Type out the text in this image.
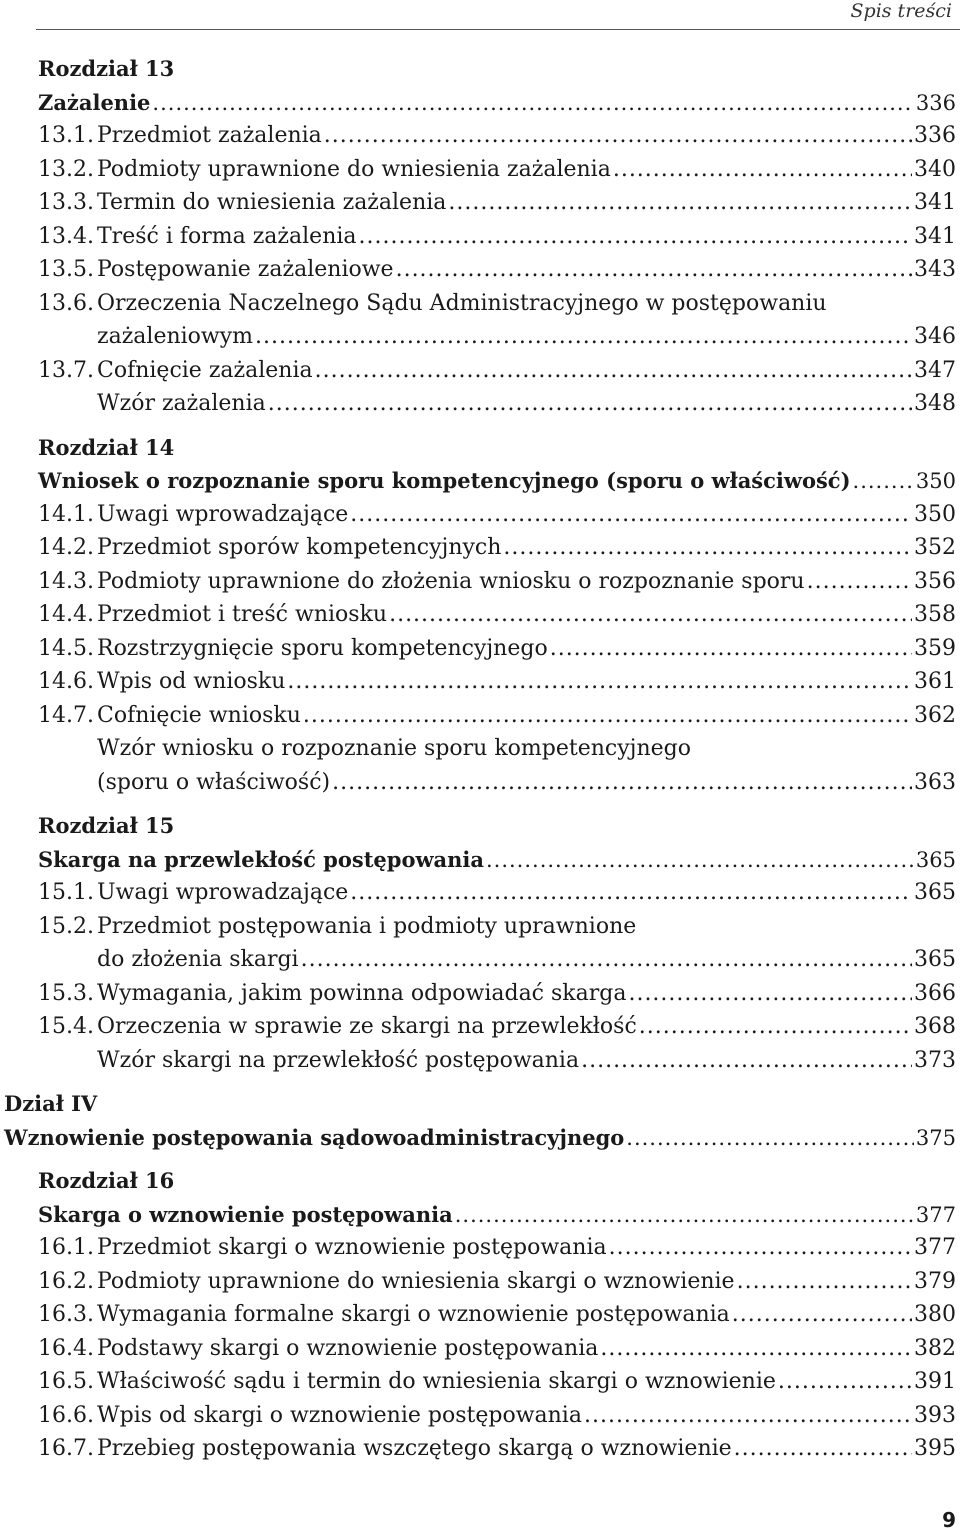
Spis treści
Rozdział 13
Zażalenie .....	336
13.1. Przedmiot zażalenia .....	336
13.2. Podmioty uprawnione do wniesienia zażalenia .....	340
13.3. Termin do wniesienia zażalenia .....	341
13.4. Treść i forma zażalenia .....	341
13.5. Postępowanie zażaleniowe .....	343
13.6. Orzeczenia Naczelnego Sądu Administracyjnego w postępowaniu
zażaleniowym .....	346
13.7. Cofnięcie zażalenia .....	347
Wzór zażalenia .....	348
Rozdział 14
Wniosek o rozpoznanie sporu kompetencyjnego (sporu o właściwość) .....	350
14.1. Uwagi wprowadzające .....	350
14.2. Przedmiot sporów kompetencyjnych .....	352
14.3. Podmioty uprawnione do złożenia wniosku o rozpoznanie sporu .....	356
14.4. Przedmiot i treść wniosku .....	358
14.5. Rozstrzygnięcie sporu kompetencyjnego .....	359
14.6. Wpis od wniosku .....	361
14.7. Cofnięcie wniosku .....	362
Wzór wniosku o rozpoznanie sporu kompetencyjnego
(sporu o właściwość) .....	363
Rozdział 15
Skarga na przewlekłość postępowania .....	365
15.1. Uwagi wprowadzające .....	365
15.2. Przedmiot postępowania i podmioty uprawnione
do złożenia skargi .....	365
15.3. Wymagania, jakim powinna odpowiadać skarga .....	366
15.4. Orzeczenia w sprawie ze skargi na przewlekłość .....	368
Wzór skargi na przewlekłość postępowania .....	373
Dział IV
Wznowienie postępowania sądowoadministracyjnego .....	375
Rozdział 16
Skarga o wznowienie postępowania .....	377
16.1. Przedmiot skargi o wznowienie postępowania .....	377
16.2. Podmioty uprawnione do wniesienia skargi o wznowienie .....	379
16.3. Wymagania formalne skargi o wznowienie postępowania .....	380
16.4. Podstawy skargi o wznowienie postępowania .....	382
16.5. Właściwość sądu i termin do wniesienia skargi o wznowienie .....	391
16.6. Wpis od skargi o wznowienie postępowania .....	393
16.7. Przebieg postępowania wszczętego skargą o wznowienie .....	395
9
